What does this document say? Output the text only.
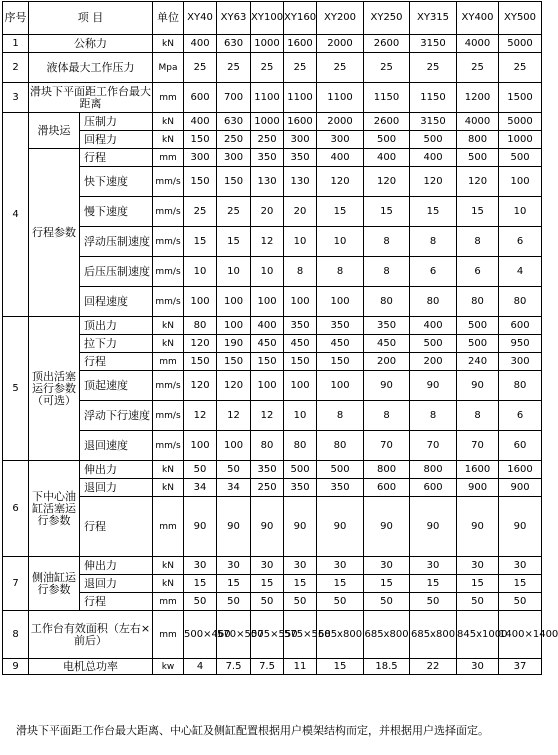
序号	项 目		单位	XY40	XY63	XY100	XY160	XY200	XY250	XY315	XY400	XY500	
1	公称力		kN	400	630	1000	1600	2000	2600	3150	4000	5000	
2	液体最大工作压力		Mpa	25	25	25	25	25	25	25	25	25	
3	滑块下平面距工作台最大距离		mm	600	700	1100	1100	1100	1150	1150	1200	1500	
4	滑块运	压制力	kN	400	630	1000	1600	2000	2600	3150	4000	5000	
		回程力	kN	150	250	250	300	300	500	500	800	1000	
	行程参数	行程	mm	300	300	350	350	400	400	400	500	500	
		快下速度	mm/s	150	150	130	130	120	120	120	120	100	
		慢下速度	mm/s	25	25	20	20	15	15	15	15	10	
		浮动压制速度	mm/s	15	15	12	10	10	8	8	8	6	
		后压压制速度	mm/s	10	10	10	8	8	8	6	6	4	
		回程速度	mm/s	100	100	100	100	100	80	80	80	80	
5	顶出活塞运行参数（可选）	顶出力	kN	80	100	400	350	350	350	400	500	600	
		拉下力	kN	120	190	450	450	450	450	500	500	950	
		行程	mm	150	150	150	150	150	200	200	240	300	
		顶起速度	mm/s	120	120	100	100	100	90	90	90	80	
		浮动下行速度	mm/s	12	12	12	10	8	8	8	8	6	
		退回速度	mm/s	100	100	80	80	80	70	70	70	60	
6	下中心油缸活塞运行参数	伸出力	kN	50	50	350	500	500	800	800	1600	1600	
		退回力	kN	34	34	250	350	350	600	600	900	900	
		行程	mm	90	90	90	90	90	90	90	90	90	
7	侧油缸运行参数	伸出力	kN	30	30	30	30	30	30	30	30	30	
		退回力	kN	15	15	15	15	15	15	15	15	15	
		行程	mm	50	50	50	50	50	50	50	50	50	
8	工作台有效面积（左右×前后）		mm	500×460	570×500	575×550	575×550	685x800	685x800	685x800	845x1000	1400×1400	
9	电机总功率		kw	4	7.5	7.5	11	15	18.5	22	30	37	
滑块下平面距工作台最大距离、中心缸及侧缸配置根据用户模架结构而定，并根据用户选择面定。
